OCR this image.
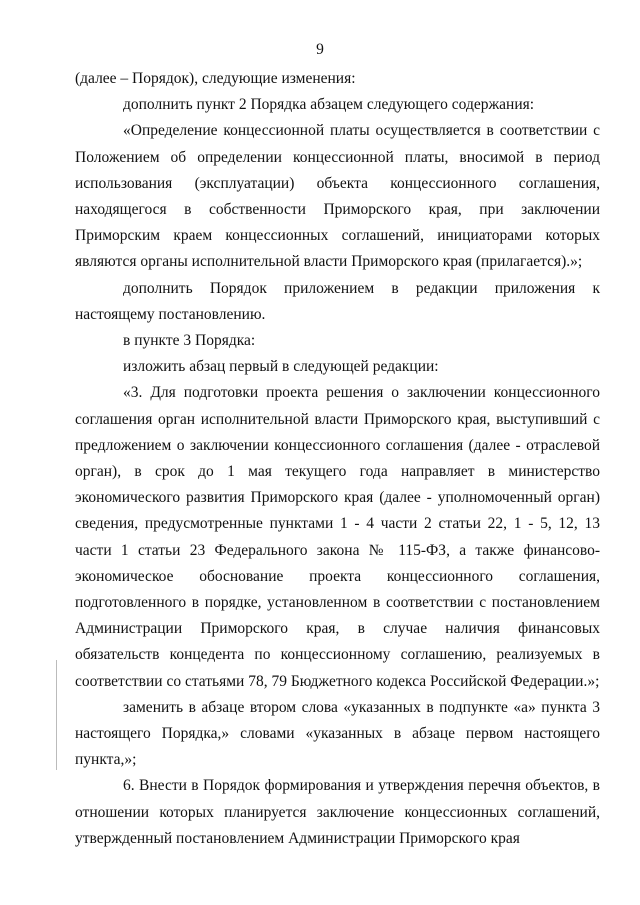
9

(далее – Порядок), следующие изменения:

дополнить пункт 2 Порядка абзацем следующего содержания:

«Определение концессионной платы осуществляется в соответствии с Положением об определении концессионной платы, вносимой в период использования (эксплуатации) объекта концессионного соглашения, находящегося в собственности Приморского края, при заключении Приморским краем концессионных соглашений, инициаторами которых являются органы исполнительной власти Приморского края (прилагается).»;

дополнить Порядок приложением в редакции приложения к настоящему постановлению.

в пункте 3 Порядка:

изложить абзац первый в следующей редакции:

«3. Для подготовки проекта решения о заключении концессионного соглашения орган исполнительной власти Приморского края, выступивший с предложением о заключении концессионного соглашения (далее - отраслевой орган), в срок до 1 мая текущего года направляет в министерство экономического развития Приморского края (далее - уполномоченный орган) сведения, предусмотренные пунктами 1 - 4 части 2 статьи 22, 1 - 5, 12, 13 части 1 статьи 23 Федерального закона № 115-ФЗ, а также финансово-экономическое обоснование проекта концессионного соглашения, подготовленного в порядке, установленном в соответствии с постановлением Администрации Приморского края, в случае наличия финансовых обязательств концедента по концессионному соглашению, реализуемых в соответствии со статьями 78, 79 Бюджетного кодекса Российской Федерации.»;

заменить в абзаце втором слова «указанных в подпункте «а» пункта 3 настоящего Порядка,» словами «указанных в абзаце первом настоящего пункта,»;

6. Внести в Порядок формирования и утверждения перечня объектов, в отношении которых планируется заключение концессионных соглашений, утвержденный постановлением Администрации Приморского края
